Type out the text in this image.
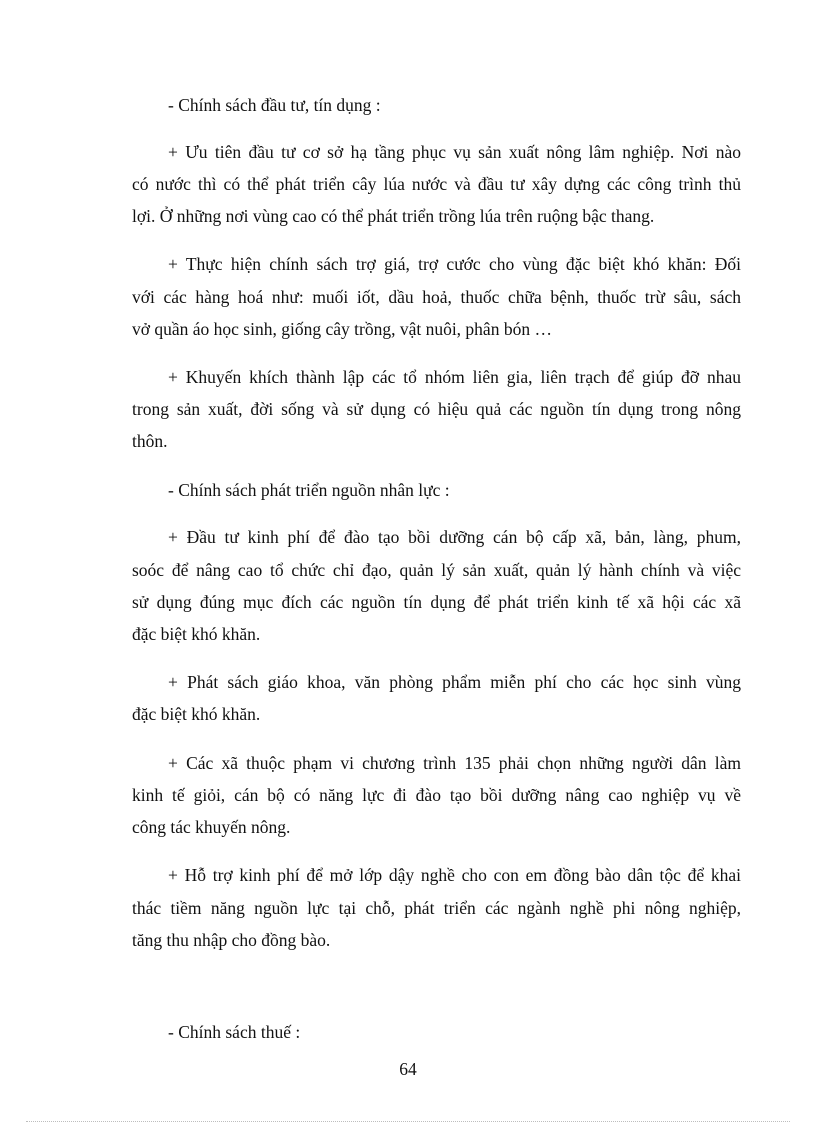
- Chính sách đầu tư, tín dụng :
+ Ưu tiên đầu tư cơ sở hạ tầng phục vụ sản xuất nông lâm nghiệp. Nơi nào
có nước thì có thể phát triển cây lúa nước và đầu tư xây dựng các công trình thủ
lợi. Ở những nơi vùng cao có thể phát triển trồng lúa trên ruộng bậc thang.
+ Thực hiện chính sách trợ giá, trợ cước cho vùng đặc biệt khó khăn: Đối
với các hàng hoá như: muối iốt, dầu hoả, thuốc chữa bệnh, thuốc trừ sâu, sách
vở quần áo học sinh, giống cây trồng, vật nuôi, phân bón …
+ Khuyến khích thành lập các tổ nhóm liên gia, liên trạch để giúp đỡ nhau
trong sản xuất, đời sống và sử dụng có hiệu quả các nguồn tín dụng trong nông
thôn.
- Chính sách phát triển nguồn nhân lực :
+ Đầu tư kinh phí để đào tạo bồi dưỡng cán bộ cấp xã, bản, làng, phum,
soóc để nâng cao tổ chức chỉ đạo, quản lý sản xuất, quản lý hành chính và việc
sử dụng đúng mục đích các nguồn tín dụng để phát triển kinh tế xã hội các xã
đặc biệt khó khăn.
+ Phát sách giáo khoa, văn phòng phẩm miễn phí cho các học sinh vùng
đặc biệt khó khăn.
+ Các xã thuộc phạm vi chương trình 135 phải chọn những người dân làm
kinh tế giỏi, cán bộ có năng lực đi đào tạo bồi dưỡng nâng cao nghiệp vụ về
công tác khuyến nông.
+ Hỗ trợ kinh phí để mở lớp dậy nghề cho con em đồng bào dân tộc để khai
thác tiềm năng nguồn lực tại chỗ, phát triển các ngành nghề phi nông nghiệp,
tăng thu nhập cho đồng bào.
- Chính sách thuế :
64
